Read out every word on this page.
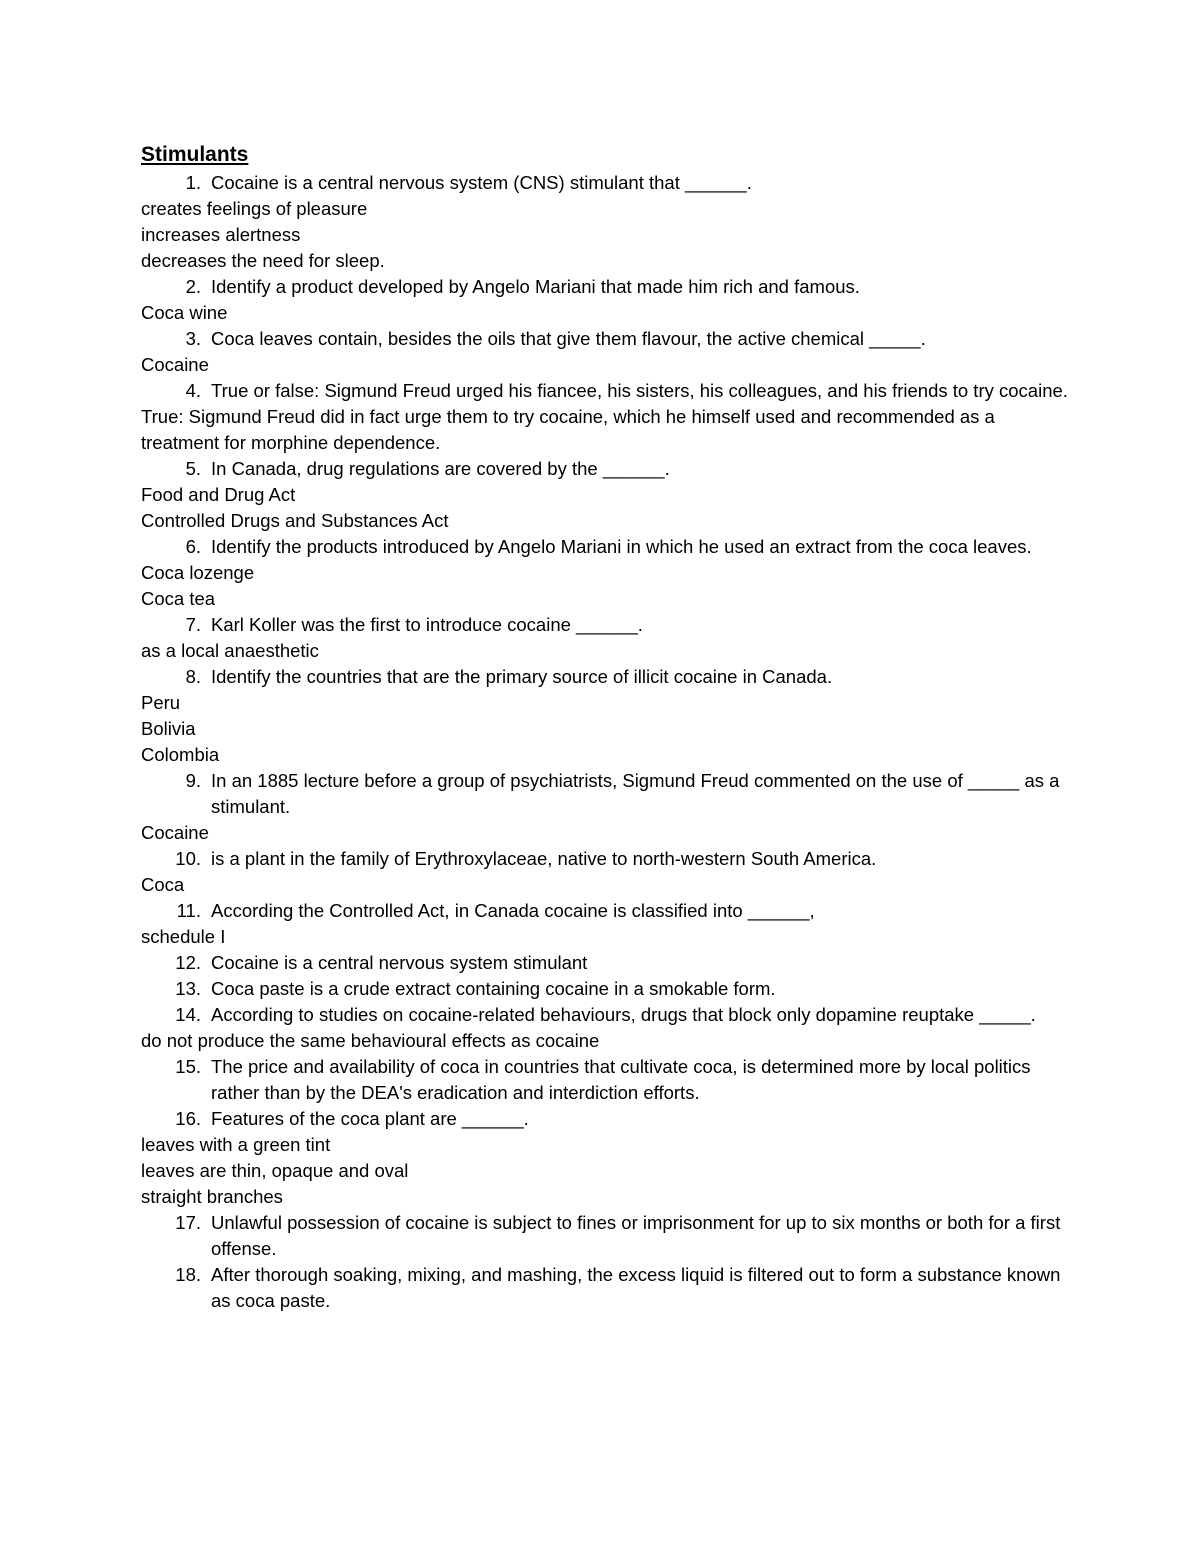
Stimulants
1. Cocaine is a central nervous system (CNS) stimulant that ______.
creates feelings of pleasure
increases alertness
decreases the need for sleep.
2. Identify a product developed by Angelo Mariani that made him rich and famous.
Coca wine
3. Coca leaves contain, besides the oils that give them flavour, the active chemical _____.
Cocaine
4. True or false: Sigmund Freud urged his fiancee, his sisters, his colleagues, and his friends to try cocaine.
True: Sigmund Freud did in fact urge them to try cocaine, which he himself used and recommended as a treatment for morphine dependence.
5. In Canada, drug regulations are covered by the ______.
Food and Drug Act
Controlled Drugs and Substances Act
6. Identify the products introduced by Angelo Mariani in which he used an extract from the coca leaves.
Coca lozenge
Coca tea
7. Karl Koller was the first to introduce cocaine ______.
as a local anaesthetic
8. Identify the countries that are the primary source of illicit cocaine in Canada.
Peru
Bolivia
Colombia
9. In an 1885 lecture before a group of psychiatrists, Sigmund Freud commented on the use of _____ as a stimulant.
Cocaine
10. is a plant in the family of Erythroxylaceae, native to north-western South America.
Coca
11. According the Controlled Act, in Canada cocaine is classified into ______,
schedule I
12. Cocaine is a central nervous system stimulant
13. Coca paste is a crude extract containing cocaine in a smokable form.
14. According to studies on cocaine-related behaviours, drugs that block only dopamine reuptake _____.
do not produce the same behavioural effects as cocaine
15. The price and availability of coca in countries that cultivate coca, is determined more by local politics rather than by the DEA's eradication and interdiction efforts.
16. Features of the coca plant are ______.
leaves with a green tint
leaves are thin, opaque and oval
straight branches
17. Unlawful possession of cocaine is subject to fines or imprisonment for up to six months or both for a first offense.
18. After thorough soaking, mixing, and mashing, the excess liquid is filtered out to form a substance known as coca paste.
